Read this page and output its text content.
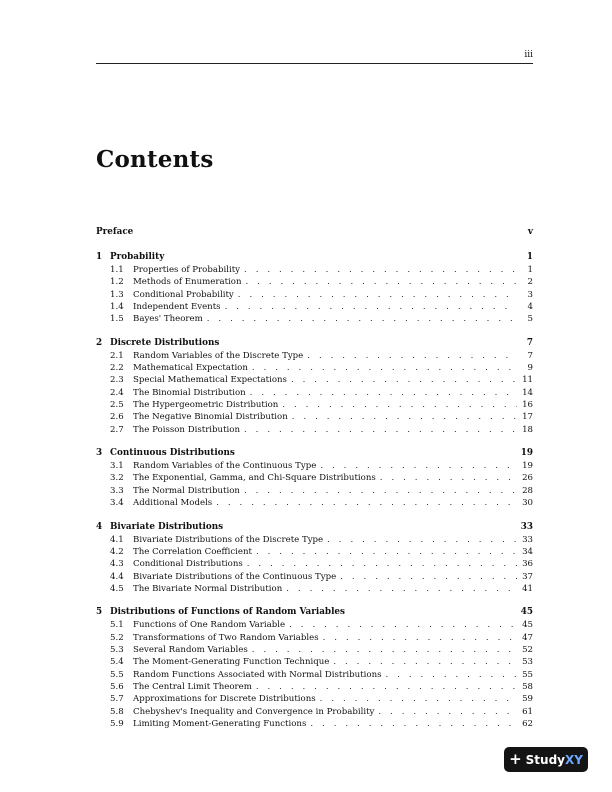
iii
Contents
Preface	v
1 Probability	1
1.1	Properties of Probability . . .	1
1.2	Methods of Enumeration . . .	2
1.3	Conditional Probability . . .	3
1.4	Independent Events . . .	4
1.5	Bayes' Theorem . . .	5
2 Discrete Distributions	7
2.1	Random Variables of the Discrete Type . . .	7
2.2	Mathematical Expectation . . .	9
2.3	Special Mathematical Expectations . . .	11
2.4	The Binomial Distribution . . .	14
2.5	The Hypergeometric Distribution . . .	16
2.6	The Negative Binomial Distribution . . .	17
2.7	The Poisson Distribution . . .	18
3 Continuous Distributions	19
3.1	Random Variables of the Continuous Type . . .	19
3.2	The Exponential, Gamma, and Chi-Square Distributions . . .	26
3.3	The Normal Distribution . . .	28
3.4	Additional Models . . .	30
4 Bivariate Distributions	33
4.1	Bivariate Distributions of the Discrete Type . . .	33
4.2	The Correlation Coefficient . . .	34
4.3	Conditional Distributions . . .	36
4.4	Bivariate Distributions of the Continuous Type . . .	37
4.5	The Bivariate Normal Distribution . . .	41
5 Distributions of Functions of Random Variables	45
5.1	Functions of One Random Variable . . .	45
5.2	Transformations of Two Random Variables . . .	47
5.3	Several Random Variables . . .	52
5.4	The Moment-Generating Function Technique . . .	53
5.5	Random Functions Associated with Normal Distributions . . .	55
5.6	The Central Limit Theorem . . .	58
5.7	Approximations for Discrete Distributions . . .	59
5.8	Chebyshev's Inequality and Convergence in Probability . . .	61
5.9	Limiting Moment-Generating Functions . . .	62
+ Study XY
